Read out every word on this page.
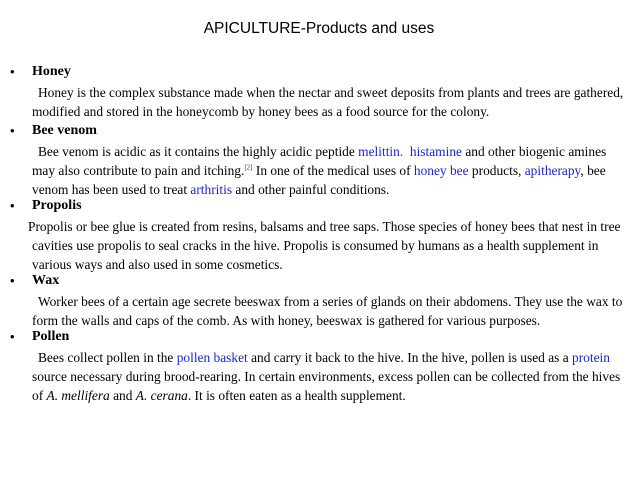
APICULTURE-Products and uses
• Honey
Honey is the complex substance made when the nectar and sweet deposits from plants and trees are gathered, modified and stored in the honeycomb by honey bees as a food source for the colony.
• Bee venom
Bee venom is acidic as it contains the highly acidic peptide melittin. histamine and other biogenic amines may also contribute to pain and itching.[2] In one of the medical uses of honey bee products, apitherapy, bee venom has been used to treat arthritis and other painful conditions.
• Propolis
Propolis or bee glue is created from resins, balsams and tree saps. Those species of honey bees that nest in tree cavities use propolis to seal cracks in the hive. Propolis is consumed by humans as a health supplement in various ways and also used in some cosmetics.
• Wax
Worker bees of a certain age secrete beeswax from a series of glands on their abdomens. They use the wax to form the walls and caps of the comb. As with honey, beeswax is gathered for various purposes.
• Pollen
Bees collect pollen in the pollen basket and carry it back to the hive. In the hive, pollen is used as a protein source necessary during brood-rearing. In certain environments, excess pollen can be collected from the hives of A. mellifera and A. cerana. It is often eaten as a health supplement.
